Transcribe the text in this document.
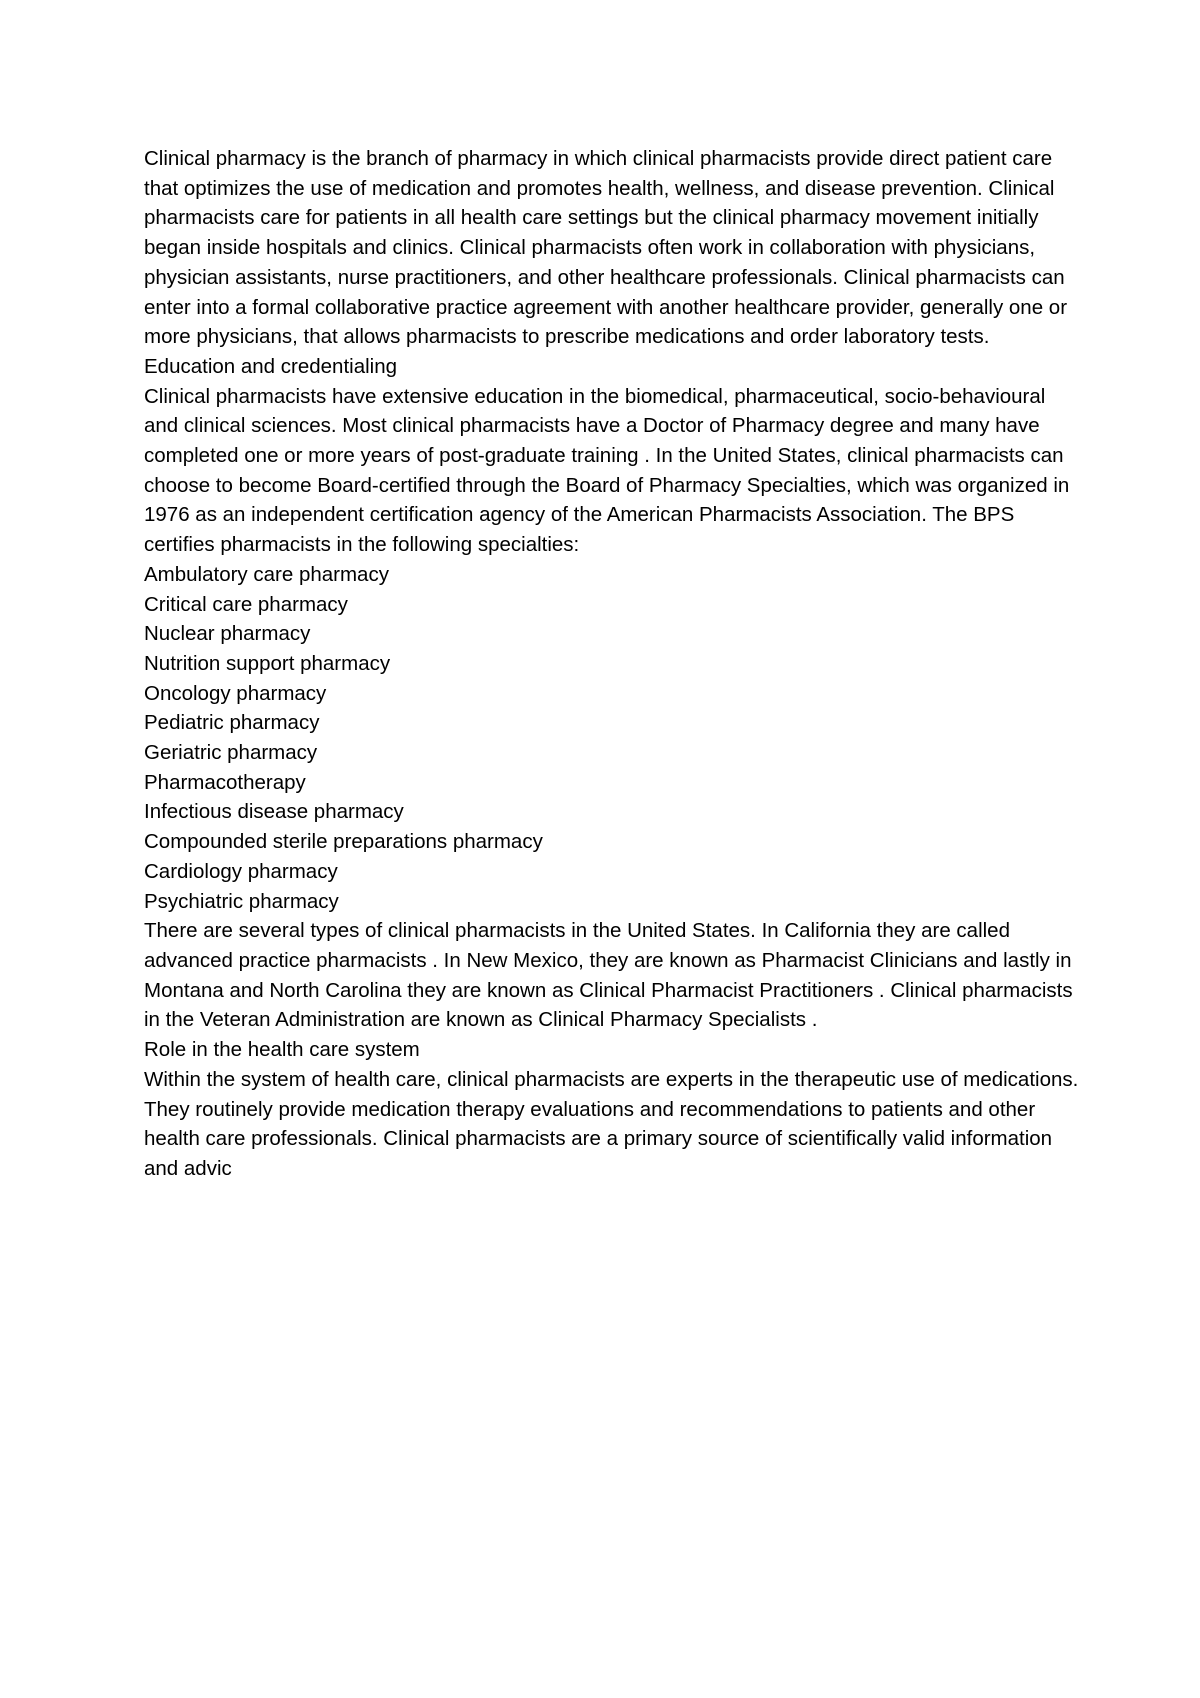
Clinical pharmacy is the branch of pharmacy in which clinical pharmacists provide direct patient care that optimizes the use of medication and promotes health, wellness, and disease prevention. Clinical pharmacists care for patients in all health care settings but the clinical pharmacy movement initially began inside hospitals and clinics. Clinical pharmacists often work in collaboration with physicians, physician assistants, nurse practitioners, and other healthcare professionals. Clinical pharmacists can enter into a formal collaborative practice agreement with another healthcare provider, generally one or more physicians, that allows pharmacists to prescribe medications and order laboratory tests.

Education and credentialing

Clinical pharmacists have extensive education in the biomedical, pharmaceutical, socio-behavioural and clinical sciences. Most clinical pharmacists have a Doctor of Pharmacy degree and many have completed one or more years of post-graduate training . In the United States, clinical pharmacists can choose to become Board-certified through the Board of Pharmacy Specialties, which was organized in 1976 as an independent certification agency of the American Pharmacists Association. The BPS certifies pharmacists in the following specialties:

Ambulatory care pharmacy
Critical care pharmacy
Nuclear pharmacy
Nutrition support pharmacy
Oncology pharmacy
Pediatric pharmacy
Geriatric pharmacy
Pharmacotherapy
Infectious disease pharmacy
Compounded sterile preparations pharmacy
Cardiology pharmacy
Psychiatric pharmacy

There are several types of clinical pharmacists in the United States. In California they are called advanced practice pharmacists . In New Mexico, they are known as Pharmacist Clinicians and lastly in Montana and North Carolina they are known as Clinical Pharmacist Practitioners . Clinical pharmacists in the Veteran Administration are known as Clinical Pharmacy Specialists .

Role in the health care system

Within the system of health care, clinical pharmacists are experts in the therapeutic use of medications. They routinely provide medication therapy evaluations and recommendations to patients and other health care professionals. Clinical pharmacists are a primary source of scientifically valid information and advic
